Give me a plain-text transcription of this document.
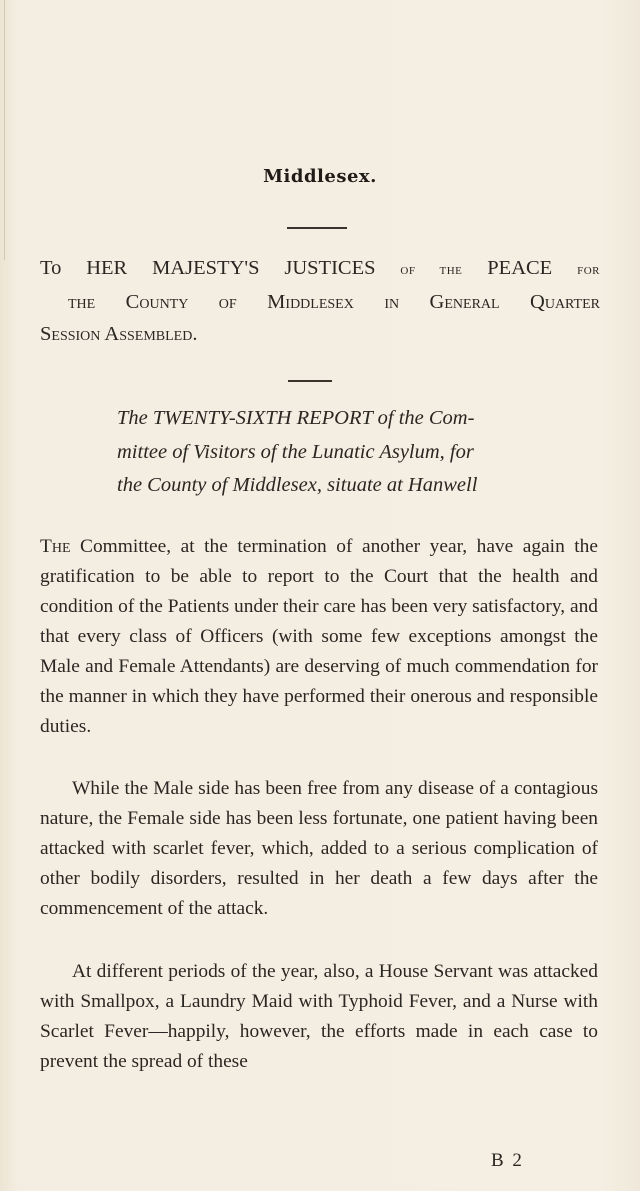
Middlesex.

To HER MAJESTY'S JUSTICES of the PEACE for

the County of Middlesex in General Quarter

Session Assembled.

The TWENTY-SIXTH REPORT of the Com-

mittee of Visitors of the Lunatic Asylum, for

the County of Middlesex, situate at Hanwell

The Committee, at the termination of another year, have again the gratification to be able to report to the Court that the health and condition of the Patients under their care has been very satisfactory, and that every class of Officers (with some few exceptions amongst the Male and Female Attendants) are deserving of much commendation for the manner in which they have performed their onerous and responsible duties.

While the Male side has been free from any disease of a contagious nature, the Female side has been less fortunate, one patient having been attacked with scarlet fever, which, added to a serious complication of other bodily disorders, resulted in her death a few days after the commencement of the attack.

At different periods of the year, also, a House Servant was attacked with Smallpox, a Laundry Maid with Typhoid Fever, and a Nurse with Scarlet Fever—happily, however, the efforts made in each case to prevent the spread of these

B 2
